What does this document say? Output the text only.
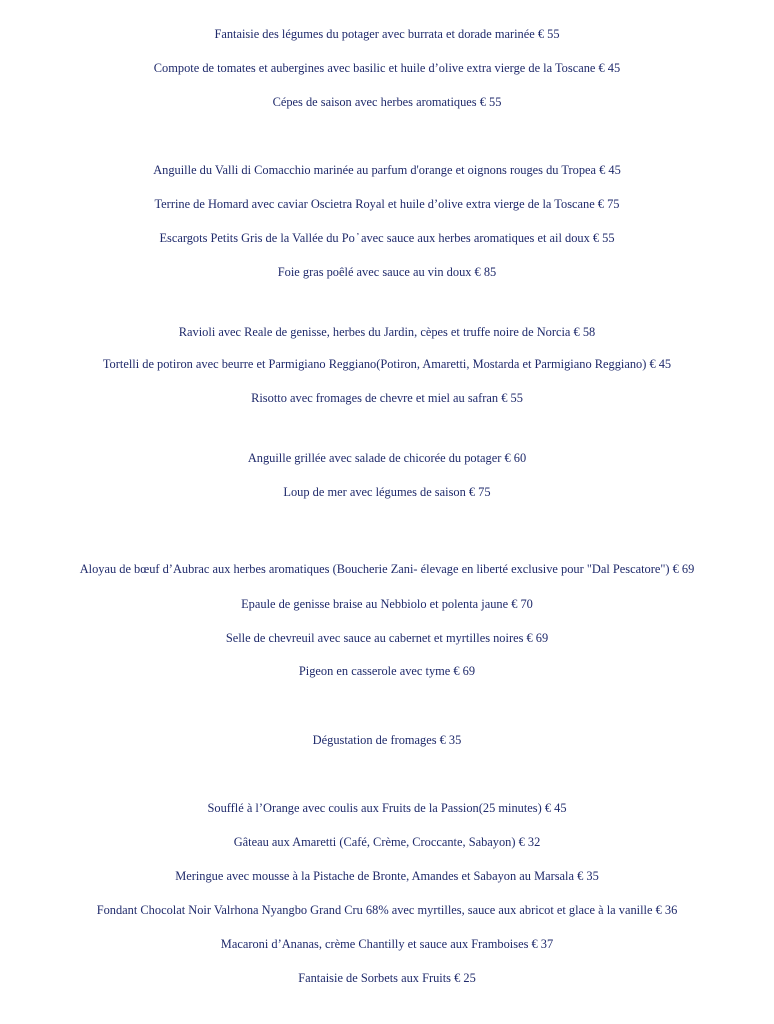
Fantaisie des légumes du potager avec burrata et dorade marinée € 55
Compote de tomates et aubergines avec basilic et huile d’olive extra vierge de la Toscane € 45
Cépes de saison avec herbes aromatiques € 55
Anguille du Valli di Comacchio marinée au parfum d'orange et oignons rouges du Tropea € 45
Terrine de Homard avec caviar Oscietra Royal et huile d’olive extra vierge de la Toscane € 75
Escargots Petits Gris de la Vallée du Po ̓ avec sauce aux herbes aromatiques et ail doux € 55
Foie gras poêlé avec sauce au vin doux € 85
Ravioli avec Reale de genisse, herbes du Jardin, cèpes et truffe noire de Norcia € 58
Tortelli de potiron avec beurre et Parmigiano Reggiano(Potiron, Amaretti, Mostarda et Parmigiano Reggiano) € 45
Risotto avec fromages de chevre et miel au safran € 55
Anguille grillée avec salade de chicorée du potager € 60
Loup de mer avec légumes de saison € 75
Aloyau de bœuf d’Aubrac aux herbes aromatiques (Boucherie Zani- élevage en liberté exclusive pour "Dal Pescatore") € 69
Epaule de genisse braise au Nebbiolo et polenta jaune € 70
Selle de chevreuil avec sauce au cabernet et myrtilles noires € 69
Pigeon en casserole avec tyme € 69
Dégustation de fromages € 35
Soufflé à l’Orange avec coulis aux Fruits de la Passion(25 minutes) € 45
Gâteau aux Amaretti (Café, Crème, Croccante, Sabayon) € 32
Meringue avec mousse à la Pistache de Bronte, Amandes et Sabayon au Marsala € 35
Fondant Chocolat Noir Valrhona Nyangbo Grand Cru 68% avec myrtilles, sauce aux abricot et glace à la vanille € 36
Macaroni d’Ananas, crème Chantilly et sauce aux Framboises € 37
Fantaisie de Sorbets aux Fruits € 25
